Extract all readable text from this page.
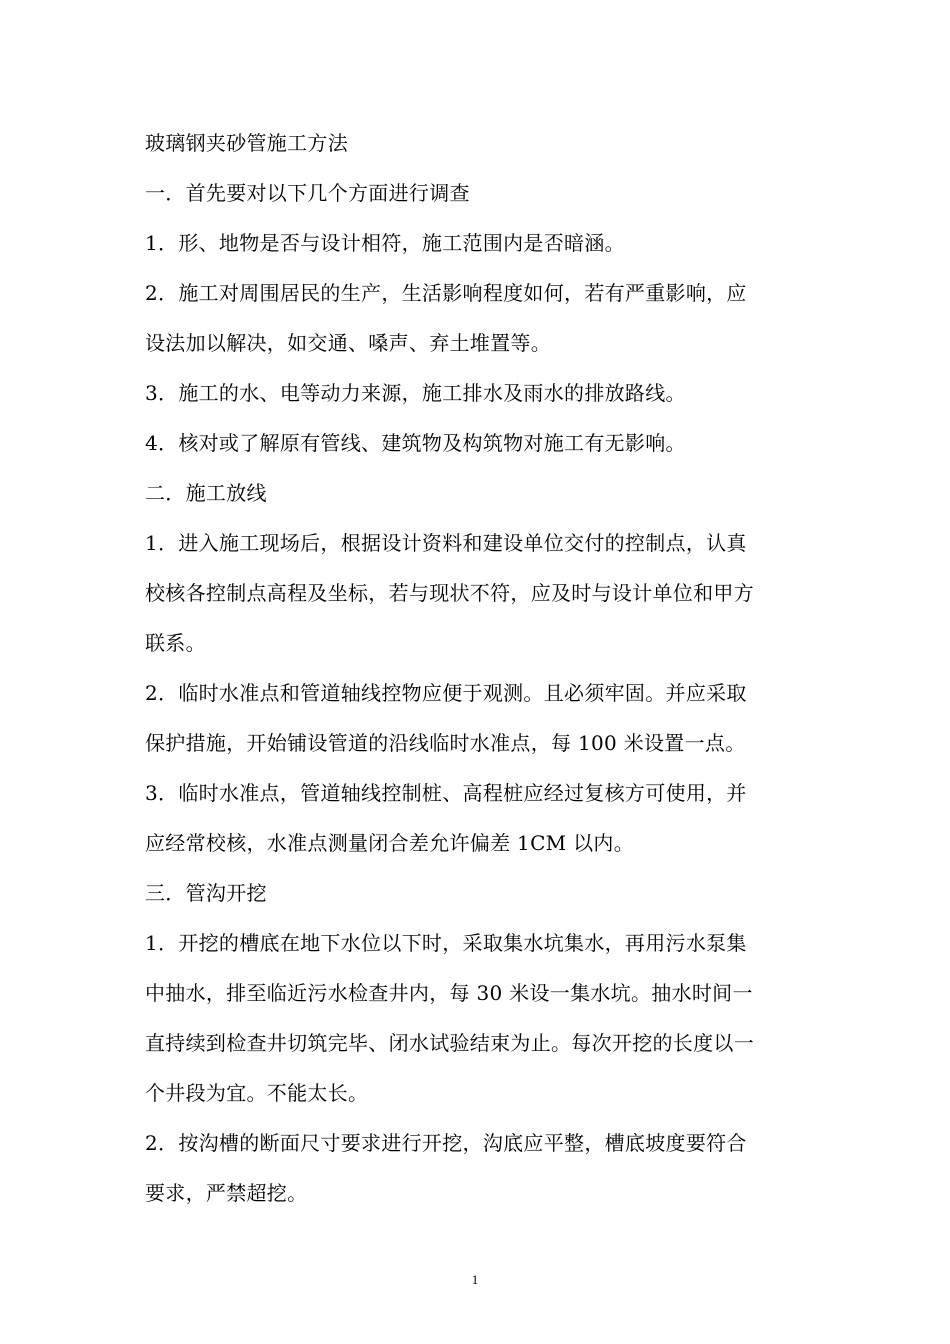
玻璃钢夹砂管施工方法
一．首先要对以下几个方面进行调查
1．形、地物是否与设计相符，施工范围内是否暗涵。
2．施工对周围居民的生产，生活影响程度如何，若有严重影响，应
设法加以解决，如交通、嗓声、弃土堆置等。
3．施工的水、电等动力来源，施工排水及雨水的排放路线。
4．核对或了解原有管线、建筑物及构筑物对施工有无影响。
二．施工放线
1．进入施工现场后，根据设计资料和建设单位交付的控制点，认真
校核各控制点高程及坐标，若与现状不符，应及时与设计单位和甲方
联系。
2．临时水准点和管道轴线控物应便于观测。且必须牢固。并应采取
保护措施，开始铺设管道的沿线临时水准点，每 100 米设置一点。
3．临时水准点，管道轴线控制桩、高程桩应经过复核方可使用，并
应经常校核，水准点测量闭合差允许偏差 1CM 以内。
三．管沟开挖
1．开挖的槽底在地下水位以下时，采取集水坑集水，再用污水泵集
中抽水，排至临近污水检查井内，每 30 米设一集水坑。抽水时间一
直持续到检查井切筑完毕、闭水试验结束为止。每次开挖的长度以一
个井段为宜。不能太长。
2．按沟槽的断面尺寸要求进行开挖，沟底应平整，槽底坡度要符合
要求，严禁超挖。
1
